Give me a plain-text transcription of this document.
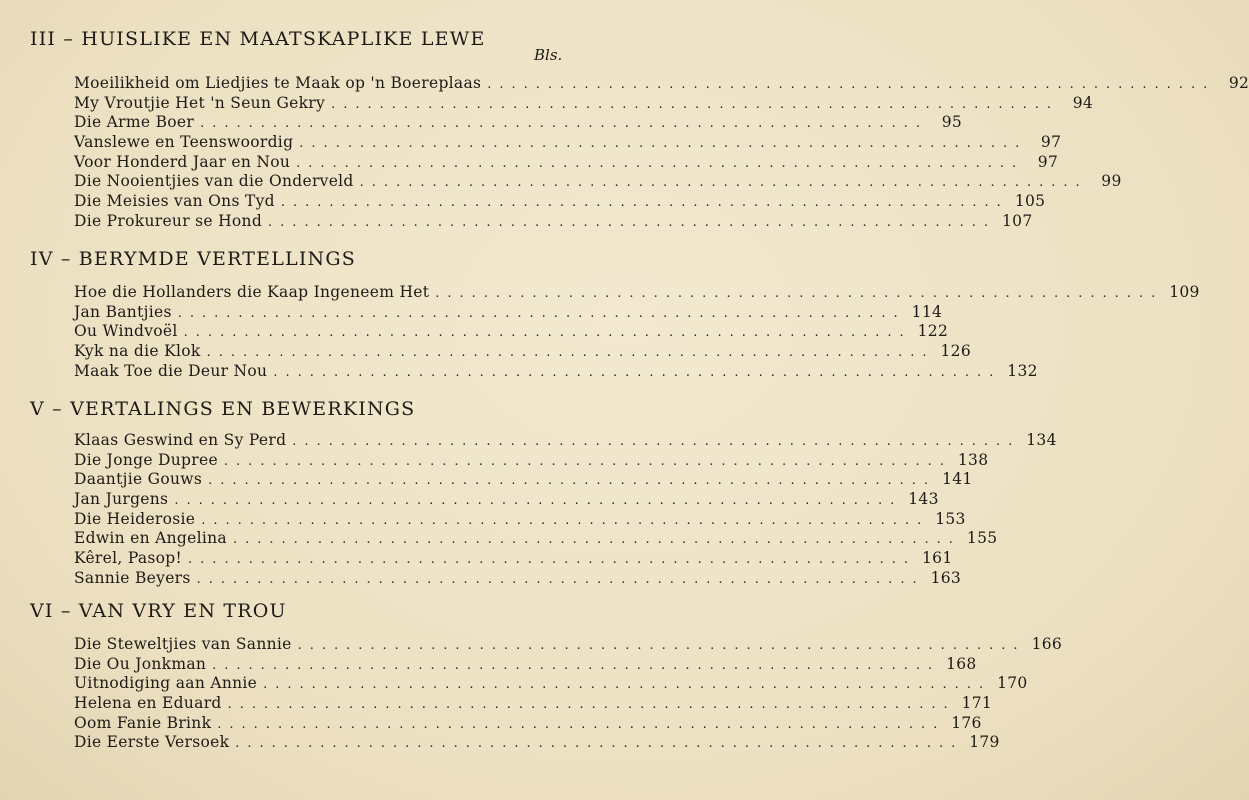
Bls.
III – HUISLIKE EN MAATSKAPLIKE LEWE
Moeilikheid om Liedjies te Maak op 'n Boereplaas ............................................................ 92
My Vroutjie Het 'n Seun Gekry ............................................................ 94
Die Arme Boer ............................................................ 95
Vanslewe en Teenswoordig ............................................................ 97
Voor Honderd Jaar en Nou ............................................................ 97
Die Nooientjies van die Onderveld ............................................................ 99
Die Meisies van Ons Tyd ............................................................ 105
Die Prokureur se Hond ............................................................ 107
IV – BERYMDE VERTELLINGS
Hoe die Hollanders die Kaap Ingeneem Het ............................................................ 109
Jan Bantjies ............................................................ 114
Ou Windvoël ............................................................ 122
Kyk na die Klok ............................................................ 126
Maak Toe die Deur Nou ............................................................ 132
V – VERTALINGS EN BEWERKINGS
Klaas Geswind en Sy Perd ............................................................ 134
Die Jonge Dupree ............................................................ 138
Daantjie Gouws ............................................................ 141
Jan Jurgens ............................................................ 143
Die Heiderosie ............................................................ 153
Edwin en Angelina ............................................................ 155
Kêrel, Pasop! ............................................................ 161
Sannie Beyers ............................................................ 163
VI – VAN VRY EN TROU
Die Steweltjies van Sannie ............................................................ 166
Die Ou Jonkman ............................................................ 168
Uitnodiging aan Annie ............................................................ 170
Helena en Eduard ............................................................ 171
Oom Fanie Brink ............................................................ 176
Die Eerste Versoek ............................................................ 179
